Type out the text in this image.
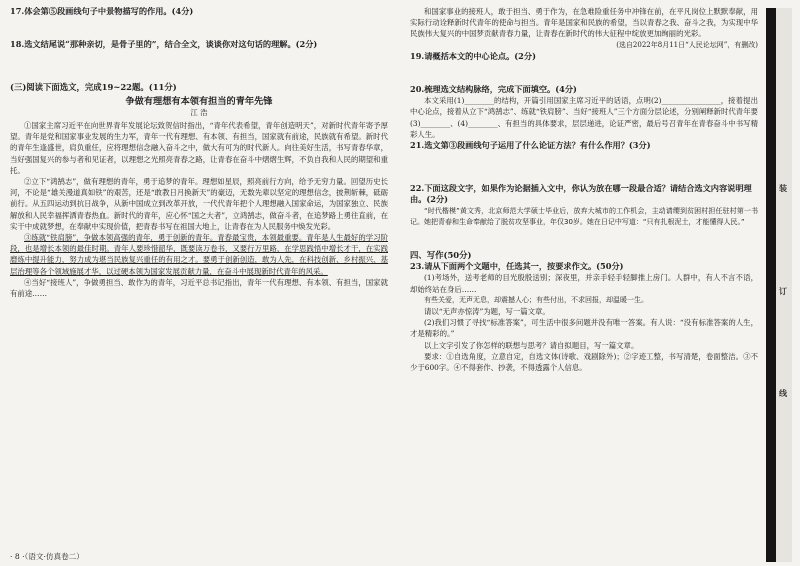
17.体会第⑤段画线句子中景物描写的作用。(4分)

18.选文结尾说“那种亲切，是骨子里的”，结合全文，谈谈你对这句话的理解。(2分)

(三)阅读下面选文，完成19~22题。(11分)

争做有理想有本领有担当的青年先锋

江 浩

①国家主席习近平在向世界青年发展论坛致贺信时指出，“青年代表希望，青年创造明天”，对新时代青年寄予厚望。青年是党和国家事业发展的生力军，青年一代有理想、有本领、有担当，国家就有前途，民族就有希望。新时代的青年生逢盛世，肩负重任，应将理想信念融入奋斗之中，做大有可为的时代新人。向往美好生活，书写青春华章，当好强国复兴的参与者和见证者，以理想之光照亮青春之路，让青春在奋斗中熠熠生辉，不负自我和人民的期望和重托。

②立下“鸿鹄志”，做有理想的青年，勇于追梦的青年。理想如星辰，照亮前行方向，给予无穷力量。回望历史长河，不论是“雄关漫道真如铁”的艰苦，还是“敢教日月换新天”的豪迈，无数先辈以坚定的理想信念，披荆斩棘，砥砺前行。从五四运动到抗日战争，从新中国成立到改革开放，一代代青年把个人理想融入国家命运，为国家独立、民族解放和人民幸福挥洒青春热血。新时代的青年，应心怀“国之大者”，立鸿鹄志，做奋斗者，在追梦路上勇往直前，在实干中成就梦想，在奉献中实现价值，把青春书写在祖国大地上，让青春在为人民服务中焕发光彩。

③练就“铁肩膀”，争做本领高强的青年，勇于创新的青年。青春最宝贵，本领最重要。青年是人生最好的学习阶段，也是增长本领的最佳时期。青年人要珍惜韶华，既要读万卷书，又要行万里路，在学思践悟中增长才干，在实践磨炼中提升能力，努力成为堪当民族复兴重任的有用之才。要勇于创新创造，敢为人先，在科技创新、乡村振兴、基层治理等各个领域施展才华，以过硬本领为国家发展贡献力量，在奋斗中展现新时代青年的风采。

④当好“接班人”，争做勇担当、敢作为的青年，习近平总书记指出，青年一代有理想、有本领、有担当，国家就有前途……

和国家事业的接班人，敢于担当、勇于作为，在急难险重任务中冲锋在前，在平凡岗位上默默奉献，用实际行动诠释新时代青年的使命与担当。青年是国家和民族的希望，当以青春之我、奋斗之我，为实现中华民族伟大复兴的中国梦贡献青春力量，让青春在新时代的伟大征程中绽放更加绚丽的光彩。

(选自2022年8月11日“人民论坛网”，有删改)

19.请概括本文的中心论点。(2分)

20.梳理选文结构脉络，完成下面填空。(4分)

本文采用(1)________的结构，开篇引用国家主席习近平的话语，点明(2)________________，接着提出中心论点，接着从立下“鸿鹄志”、练就“铁肩膀”、当好“接班人”三个方面分层论述，分别阐释新时代青年要(3)________、(4)________、有担当的具体要求，层层递进，论证严密，最后号召青年在青春奋斗中书写精彩人生。

21.选文第③段画线句子运用了什么论证方法？有什么作用？(3分)

22.下面这段文字，如果作为论据插入文中，你认为放在哪一段最合适？请结合选文内容说明理由。(2分)

“时代楷模”黄文秀，北京师范大学硕士毕业后，放弃大城市的工作机会，主动请缨到贫困村担任驻村第一书记。她把青春和生命奉献给了脱贫攻坚事业，年仅30岁。她在日记中写道：“只有扎根泥土，才能懂得人民。”

四、写作(50分)

23.请从下面两个文题中，任选其一，按要求作文。(50分)

(1)考场外，送考老师的目光殷殷送别；深夜里，并亲手轻手轻脚推上房门。人群中，有人不言不语，却始终站在身后……

有些关爱，无声无息，却震撼人心；有些付出，不求回报，却温暖一生。

请以“无声亦惊涛”为题，写一篇文章。

(2)我们习惯了寻找“标准答案”，可生活中很多问题并没有唯一答案。有人说：“没有标准答案的人生，才是精彩的。”

以上文字引发了你怎样的联想与思考？请自拟题目，写一篇文章。

要求：①自选角度，立意自定，自选文体(诗歌、戏剧除外)；②字迹工整，书写清楚，卷面整洁。③不少于600字。④不得套作、抄袭，不得透露个人信息。

装
订
线
· 8 ·（语文·仿真卷二）
